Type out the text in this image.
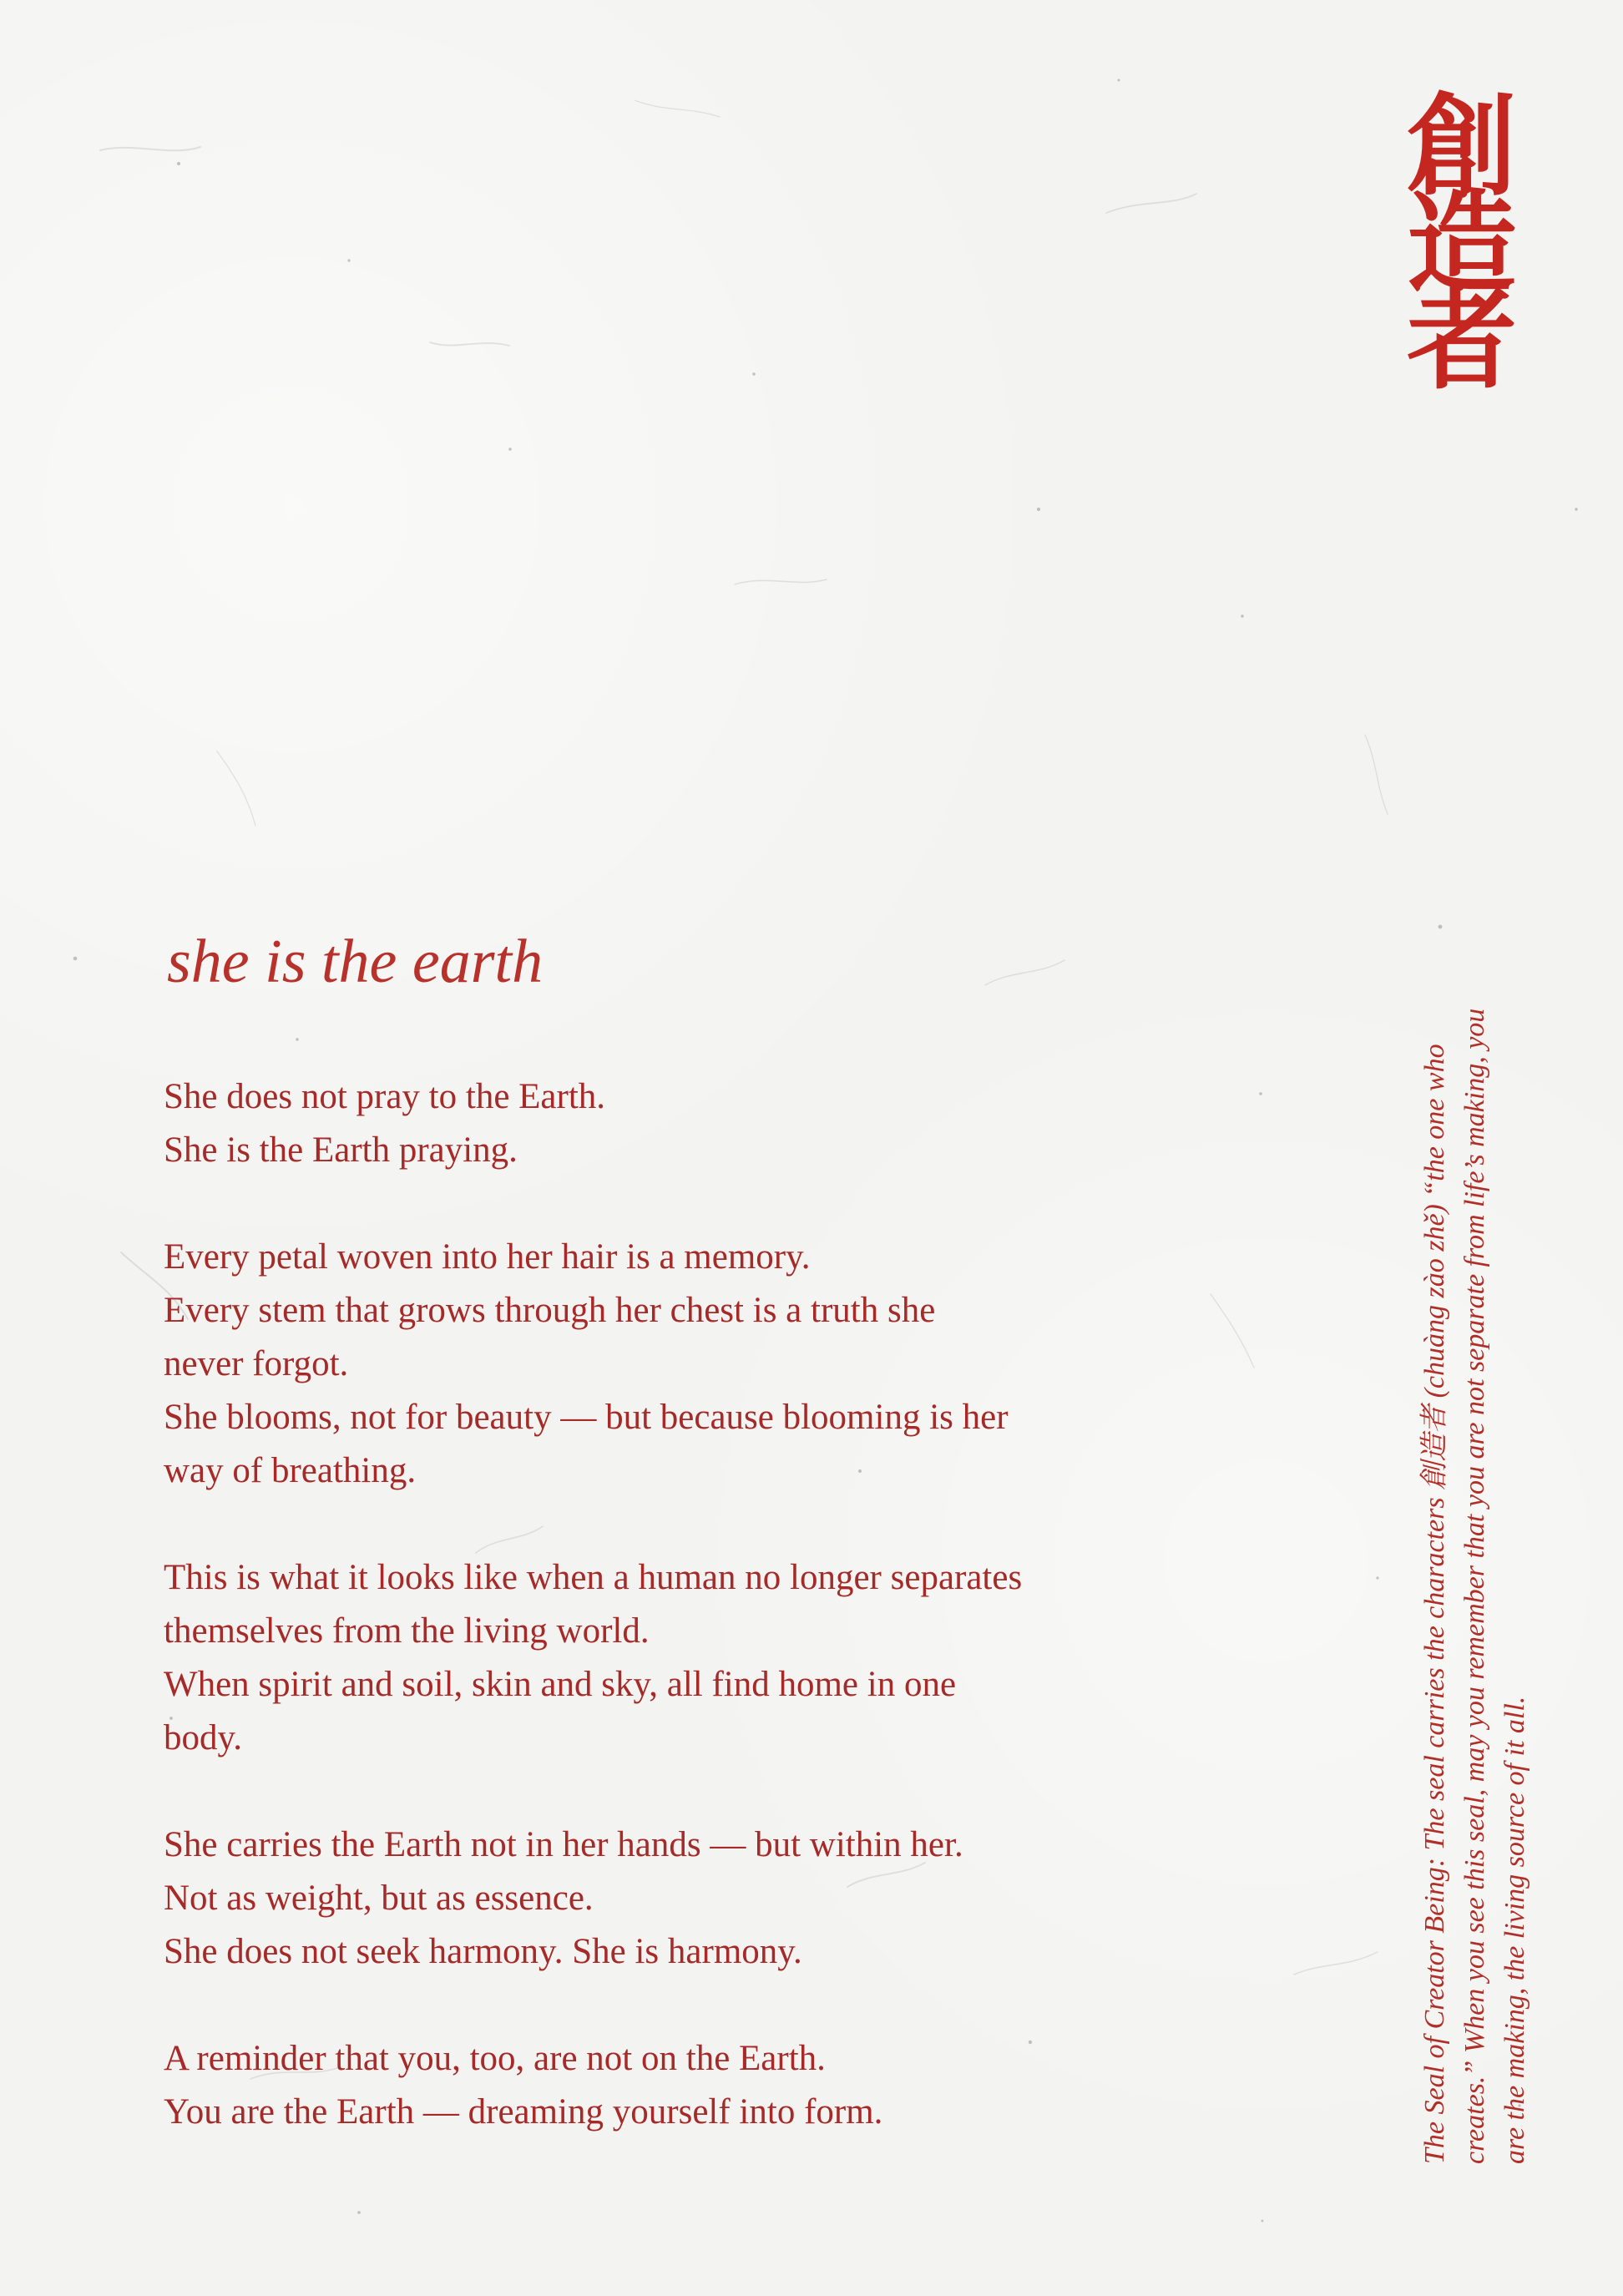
創
造
者
she is the earth
She does not pray to the Earth.
She is the Earth praying.
Every petal woven into her hair is a memory.
Every stem that grows through her chest is a truth she
never forgot.
She blooms, not for beauty — but because blooming is her
way of breathing.
This is what it looks like when a human no longer separates
themselves from the living world.
When spirit and soil, skin and sky, all find home in one
body.
She carries the Earth not in her hands — but within her.
Not as weight, but as essence.
She does not seek harmony. She is harmony.
A reminder that you, too, are not on the Earth.
You are the Earth — dreaming yourself into form.	The Seal of Creator Being: The seal carries the characters 創造者 (chuàng zào zhě) “the one who creates.” When you see this seal, may you remember that you are not separate from life’s making, you are the making, the living source of it all.
